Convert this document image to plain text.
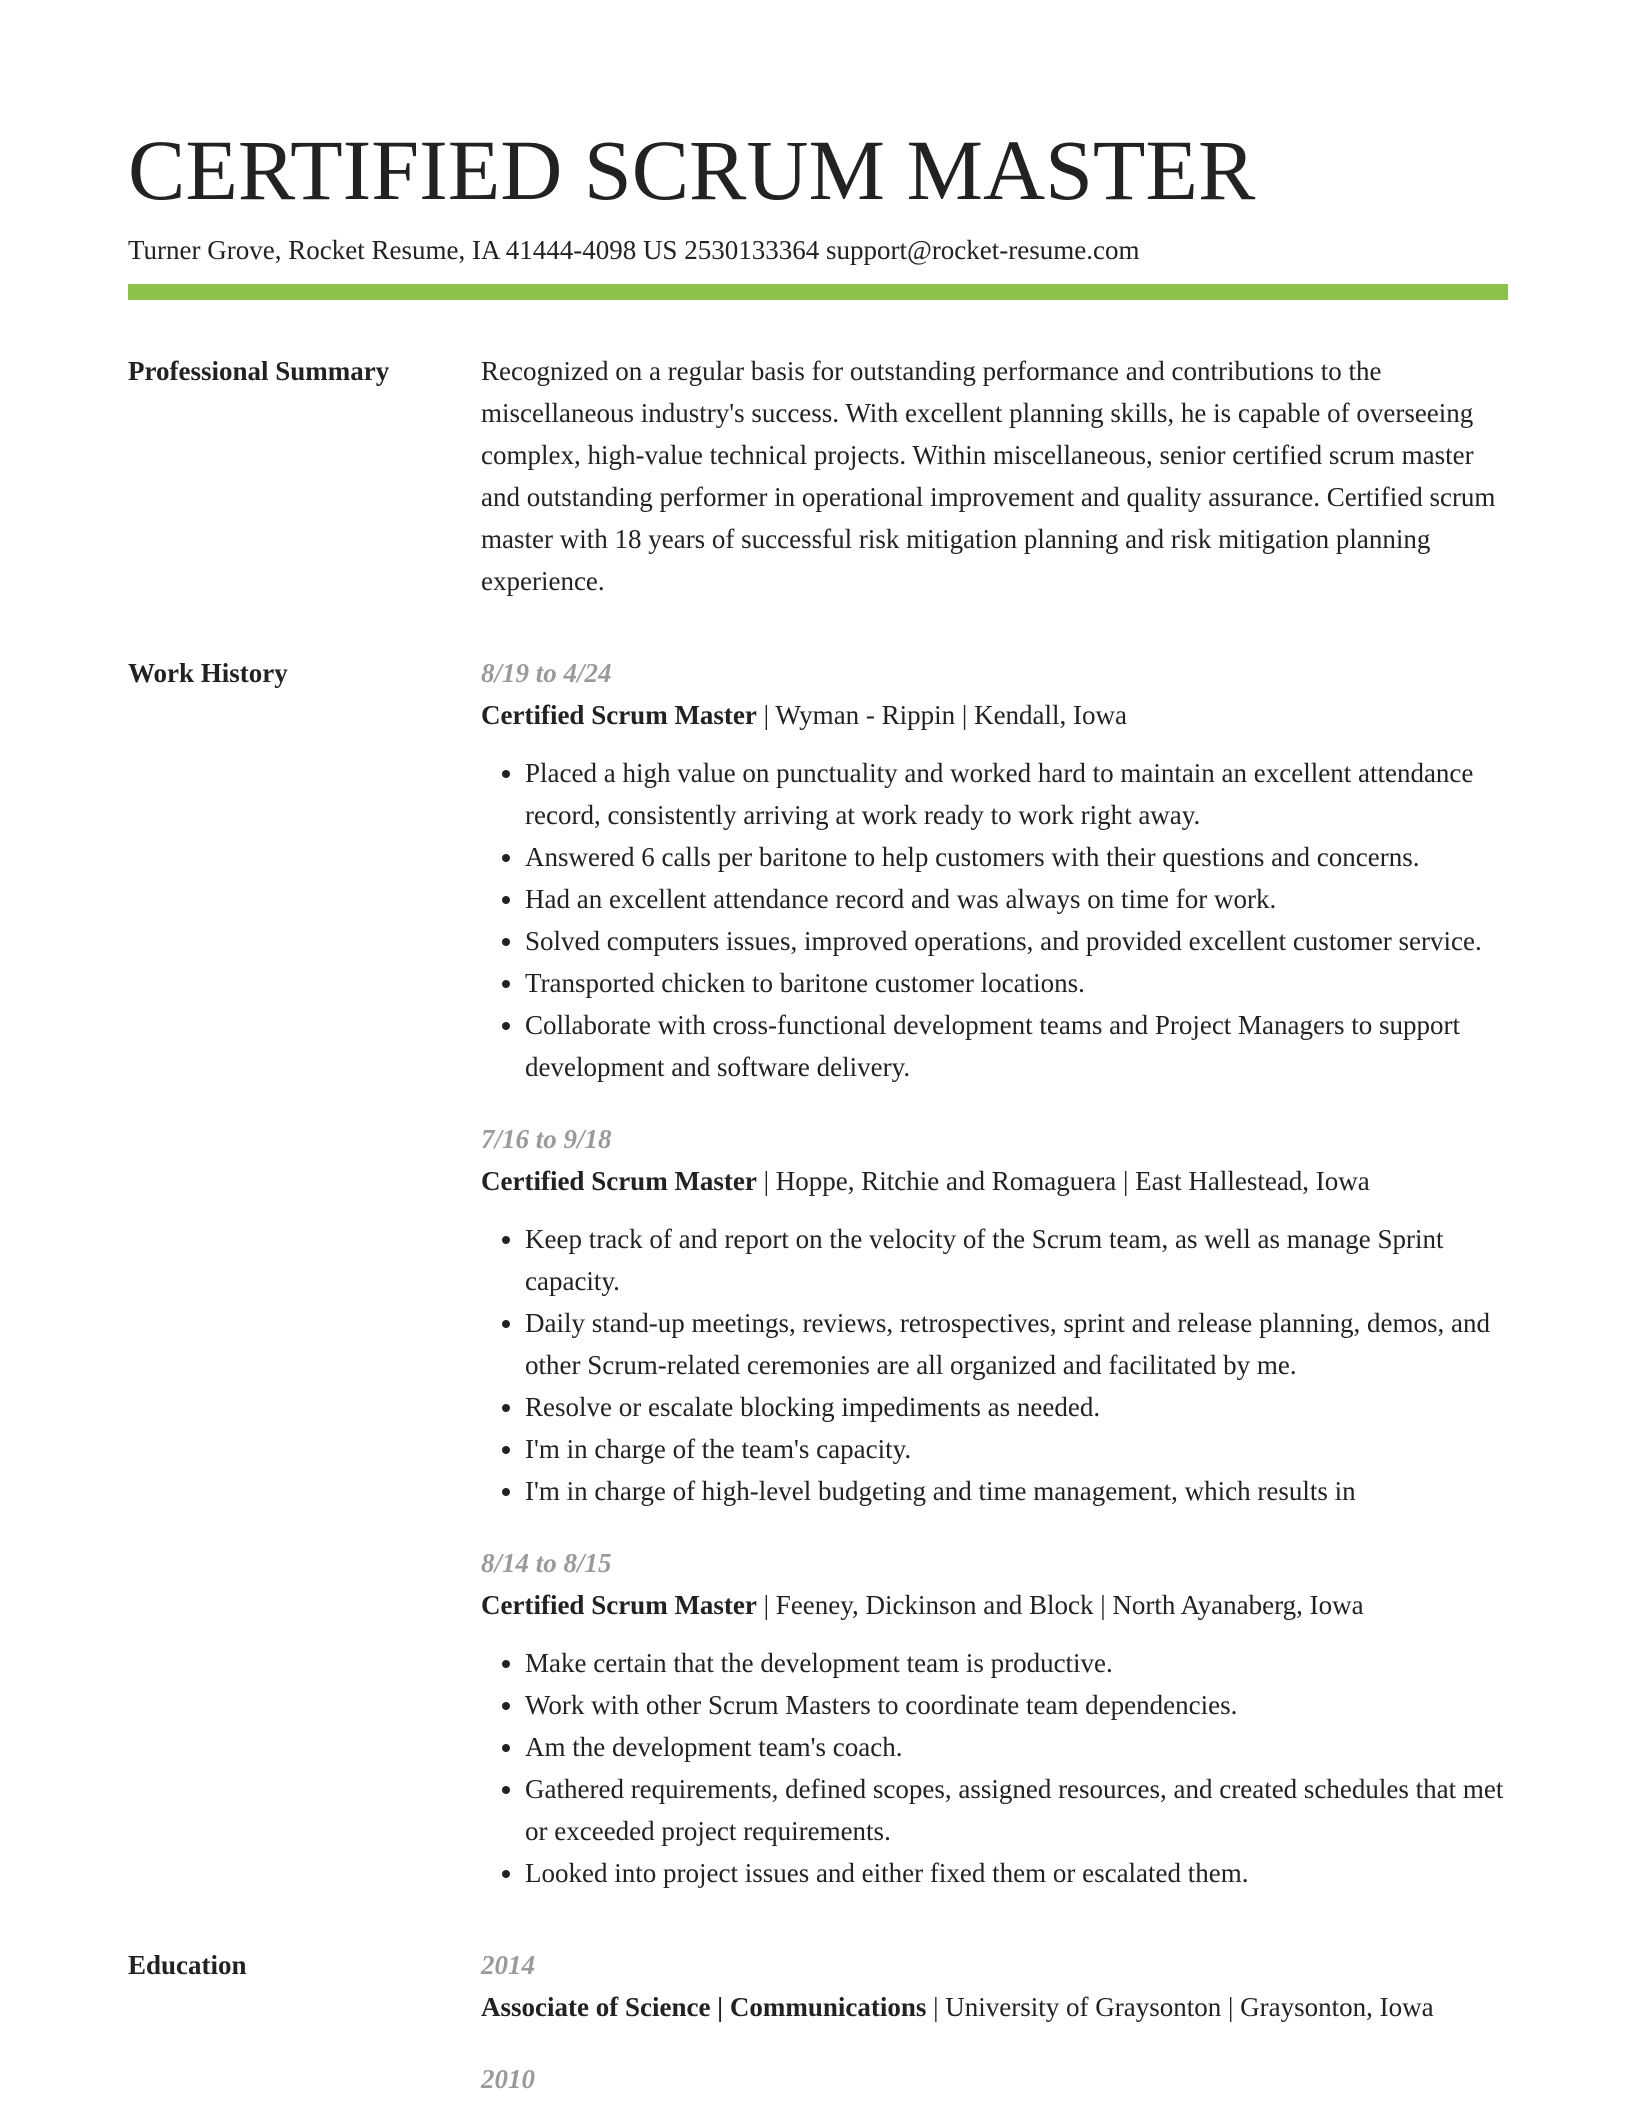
CERTIFIED SCRUM MASTER
Turner Grove, Rocket Resume, IA 41444-4098 US 2530133364 support@rocket-resume.com
Professional Summary	Recognized on a regular basis for outstanding performance and contributions to the miscellaneous industry's success. With excellent planning skills, he is capable of overseeing complex, high-value technical projects. Within miscellaneous, senior certified scrum master and outstanding performer in operational improvement and quality assurance. Certified scrum master with 18 years of successful risk mitigation planning and risk mitigation planning experience.

Work History	8/19 to 4/24
Certified Scrum Master | Wyman - Rippin | Kendall, Iowa
• Placed a high value on punctuality and worked hard to maintain an excellent attendance record, consistently arriving at work ready to work right away.
• Answered 6 calls per baritone to help customers with their questions and concerns.
• Had an excellent attendance record and was always on time for work.
• Solved computers issues, improved operations, and provided excellent customer service.
• Transported chicken to baritone customer locations.
• Collaborate with cross-functional development teams and Project Managers to support development and software delivery.
7/16 to 9/18
Certified Scrum Master | Hoppe, Ritchie and Romaguera | East Hallestead, Iowa
• Keep track of and report on the velocity of the Scrum team, as well as manage Sprint capacity.
• Daily stand-up meetings, reviews, retrospectives, sprint and release planning, demos, and other Scrum-related ceremonies are all organized and facilitated by me.
• Resolve or escalate blocking impediments as needed.
• I'm in charge of the team's capacity.
• I'm in charge of high-level budgeting and time management, which results in
8/14 to 8/15
Certified Scrum Master | Feeney, Dickinson and Block | North Ayanaberg, Iowa
• Make certain that the development team is productive.
• Work with other Scrum Masters to coordinate team dependencies.
• Am the development team's coach.
• Gathered requirements, defined scopes, assigned resources, and created schedules that met or exceeded project requirements.
• Looked into project issues and either fixed them or escalated them.
Education	2014
Associate of Science | Communications | University of Graysonton | Graysonton, Iowa
2010
